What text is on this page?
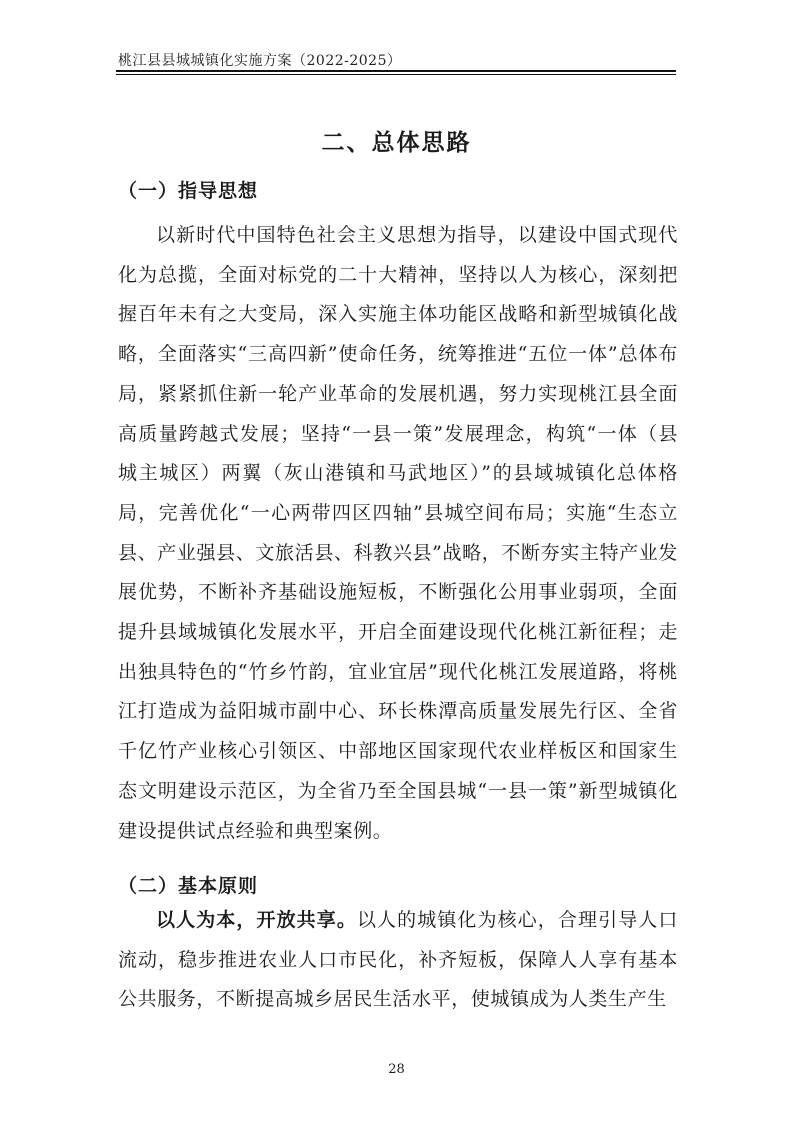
桃江县县城城镇化实施方案（2022-2025）
二、总体思路
（一）指导思想

以新时代中国特色社会主义思想为指导，以建设中国式现代化为总揽，全面对标党的二十大精神，坚持以人为核心，深刻把握百年未有之大变局，深入实施主体功能区战略和新型城镇化战略，全面落实“三高四新”使命任务，统筹推进“五位一体”总体布局，紧紧抓住新一轮产业革命的发展机遇，努力实现桃江县全面高质量跨越式发展；坚持“一县一策”发展理念，构筑“一体（县城主城区）两翼（灰山港镇和马武地区）”的县域城镇化总体格局，完善优化“一心两带四区四轴”县城空间布局；实施“生态立县、产业强县、文旅活县、科教兴县”战略，不断夯实主特产业发展优势，不断补齐基础设施短板，不断强化公用事业弱项，全面提升县域城镇化发展水平，开启全面建设现代化桃江新征程；走出独具特色的“竹乡竹韵，宜业宜居”现代化桃江发展道路，将桃江打造成为益阳城市副中心、环长株潭高质量发展先行区、全省千亿竹产业核心引领区、中部地区国家现代农业样板区和国家生态文明建设示范区，为全省乃至全国县城“一县一策”新型城镇化建设提供试点经验和典型案例。

（二）基本原则

以人为本，开放共享。以人的城镇化为核心，合理引导人口流动，稳步推进农业人口市民化，补齐短板，保障人人享有基本公共服务，不断提高城乡居民生活水平，使城镇成为人类生产生

28
